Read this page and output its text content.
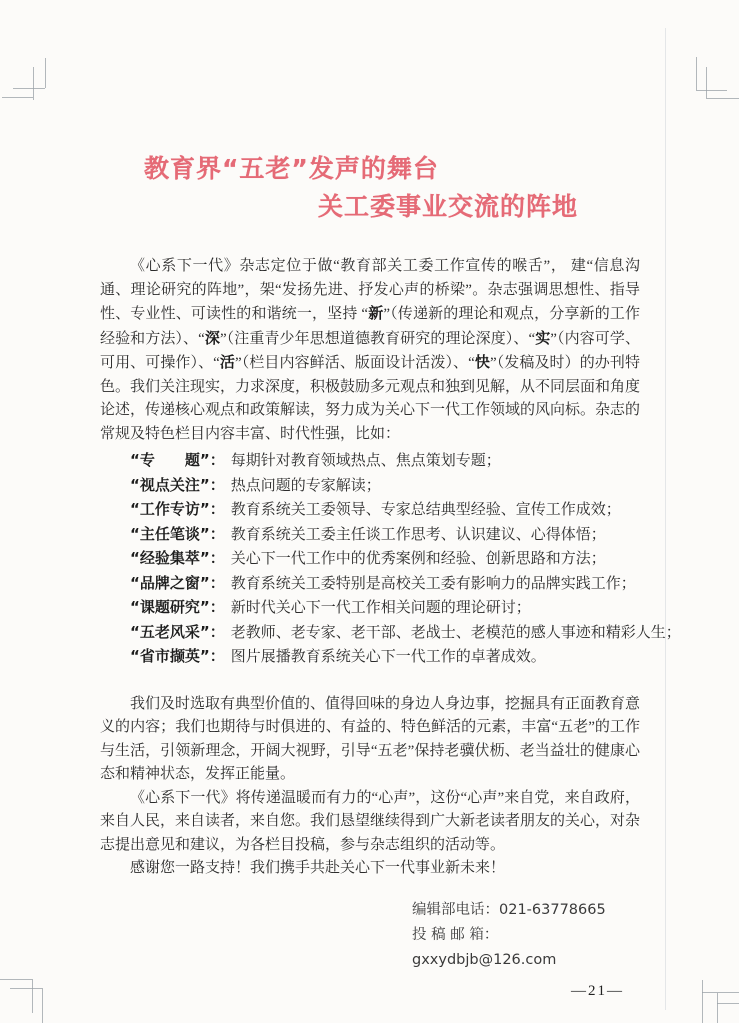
教育界“五老”发声的舞台
关工委事业交流的阵地

《心系下一代》杂志定位于做“教育部关工委工作宣传的喉舌”， 建“信息沟通、理论研究的阵地”，架“发扬先进、抒发心声的桥梁”。杂志强调思想性、指导性、专业性、可读性的和谐统一，坚持 “新”（传递新的理论和观点，分享新的工作经验和方法）、“深”（注重青少年思想道德教育研究的理论深度）、“实”（内容可学、可用、可操作）、“活”（栏目内容鲜活、版面设计活泼）、“快”（发稿及时）的办刊特色。我们关注现实，力求深度，积极鼓励多元观点和独到见解，从不同层面和角度论述，传递核心观点和政策解读，努力成为关心下一代工作领域的风向标。杂志的常规及特色栏目内容丰富、时代性强，比如：

“专　　题”： 每期针对教育领域热点、焦点策划专题；
“视点关注”： 热点问题的专家解读；
“工作专访”： 教育系统关工委领导、专家总结典型经验、宣传工作成效；
“主任笔谈”： 教育系统关工委主任谈工作思考、认识建议、心得体悟；
“经验集萃”： 关心下一代工作中的优秀案例和经验、创新思路和方法；
“品牌之窗”： 教育系统关工委特别是高校关工委有影响力的品牌实践工作；
“课题研究”： 新时代关心下一代工作相关问题的理论研讨；
“五老风采”： 老教师、老专家、老干部、老战士、老模范的感人事迹和精彩人生；
“省市撷英”： 图片展播教育系统关心下一代工作的卓著成效。

我们及时选取有典型价值的、值得回味的身边人身边事，挖掘具有正面教育意义的内容；我们也期待与时俱进的、有益的、特色鲜活的元素，丰富“五老”的工作与生活，引领新理念，开阔大视野，引导“五老”保持老骥伏枥、老当益壮的健康心态和精神状态，发挥正能量。

《心系下一代》将传递温暖而有力的“心声”，这份“心声”来自党，来自政府，来自人民，来自读者，来自您。我们恳望继续得到广大新老读者朋友的关心，对杂志提出意见和建议，为各栏目投稿，参与杂志组织的活动等。

感谢您一路支持！我们携手共赴关心下一代事业新未来！

编辑部电话：021-63778665
投 稿 邮 箱：gxxydbjb@126.com
—21—
